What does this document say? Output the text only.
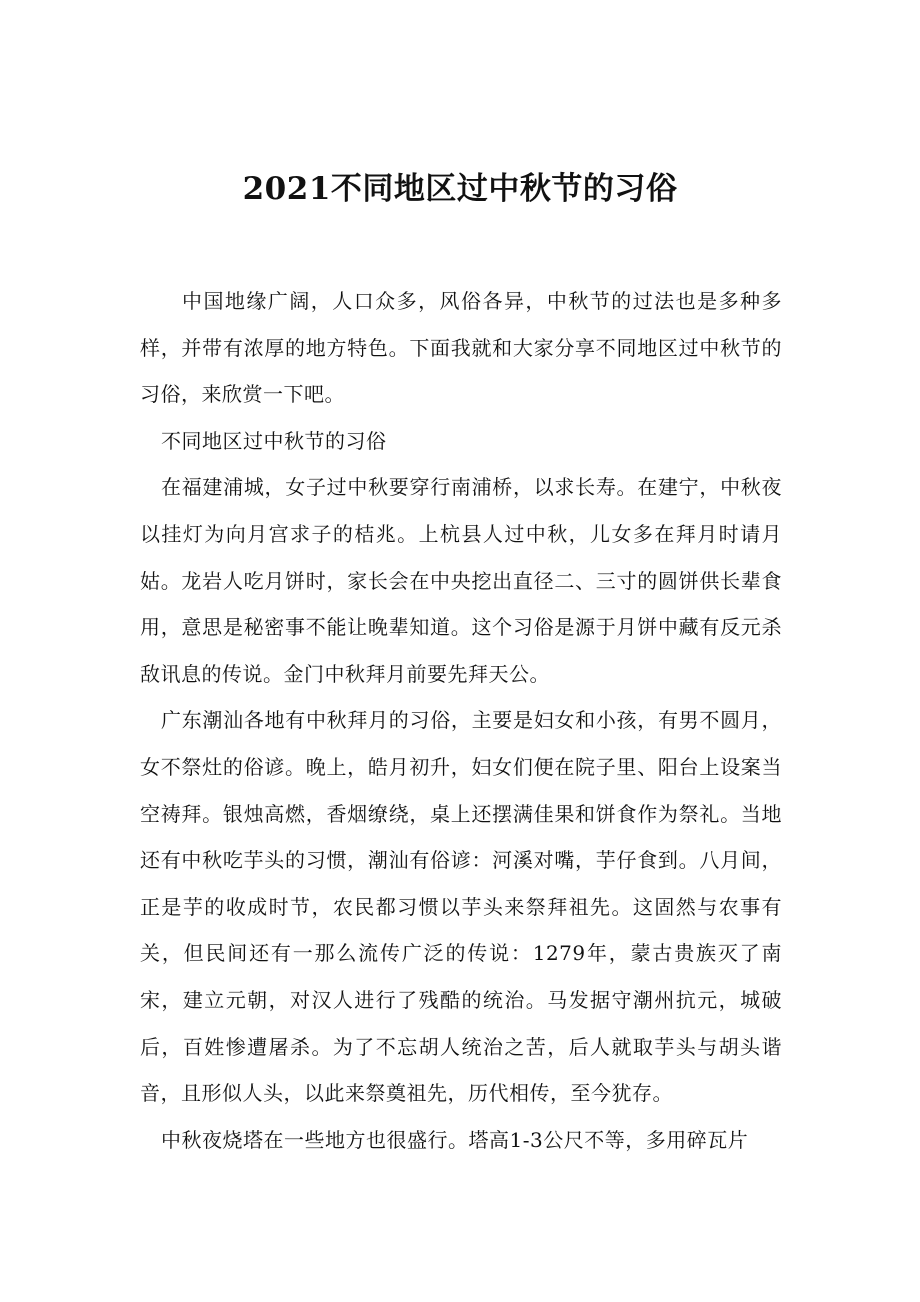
2021不同地区过中秋节的习俗

中国地缘广阔，人口众多，风俗各异，中秋节的过法也是多种多样，并带有浓厚的地方特色。下面我就和大家分享不同地区过中秋节的习俗，来欣赏一下吧。

不同地区过中秋节的习俗

在福建浦城，女子过中秋要穿行南浦桥，以求长寿。在建宁，中秋夜以挂灯为向月宫求子的桔兆。上杭县人过中秋，儿女多在拜月时请月姑。龙岩人吃月饼时，家长会在中央挖出直径二、三寸的圆饼供长辈食用，意思是秘密事不能让晚辈知道。这个习俗是源于月饼中藏有反元杀敌讯息的传说。金门中秋拜月前要先拜天公。

广东潮汕各地有中秋拜月的习俗，主要是妇女和小孩，有男不圆月，女不祭灶的俗谚。晚上，皓月初升，妇女们便在院子里、阳台上设案当空祷拜。银烛高燃，香烟缭绕，桌上还摆满佳果和饼食作为祭礼。当地还有中秋吃芋头的习惯，潮汕有俗谚：河溪对嘴，芋仔食到。八月间，正是芋的收成时节，农民都习惯以芋头来祭拜祖先。这固然与农事有关，但民间还有一那么流传广泛的传说：1279年，蒙古贵族灭了南宋，建立元朝，对汉人进行了残酷的统治。马发据守潮州抗元，城破后，百姓惨遭屠杀。为了不忘胡人统治之苦，后人就取芋头与胡头谐音，且形似人头，以此来祭奠祖先，历代相传，至今犹存。

中秋夜烧塔在一些地方也很盛行。塔高1-3公尺不等，多用碎瓦片
